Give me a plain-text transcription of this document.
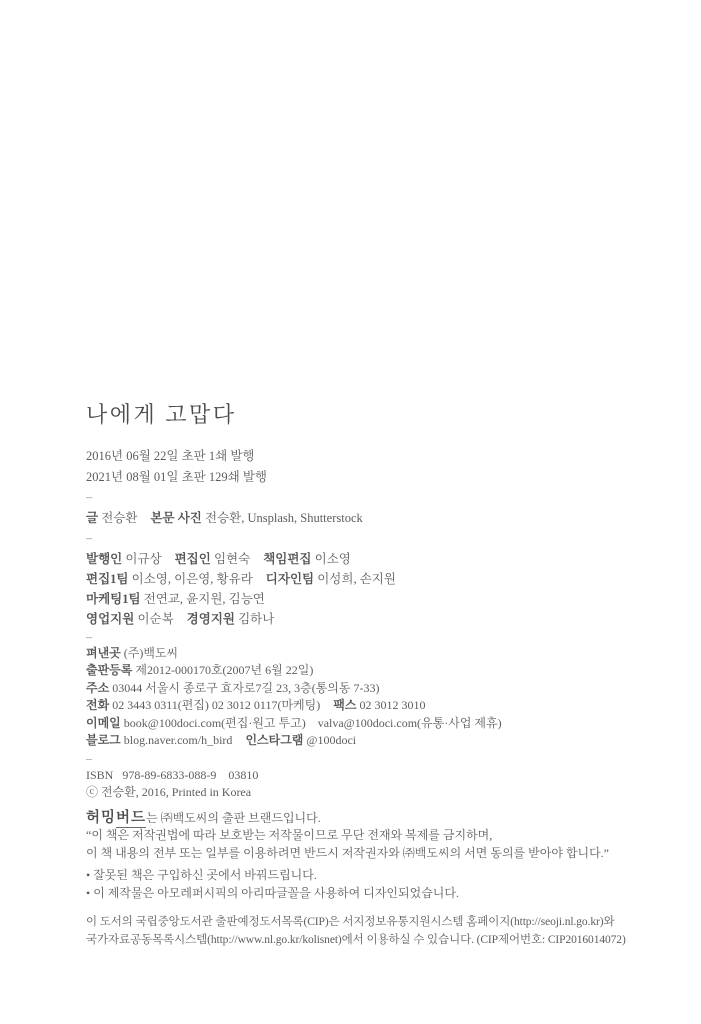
나에게 고맙다

2016년 06월 22일 초판 1쇄 발행

2021년 08월 01일 초판 129쇄 발행

–

글 전승환 본문 사진 전승환, Unsplash, Shutterstock

–

발행인 이규상 편집인 임현숙 책임편집 이소영

편집1팀 이소영, 이은영, 황유라 디자인팀 이성희, 손지원

마케팅1팀 전연교, 윤지원, 김능연

영업지원 이순복 경영지원 김하나

–

펴낸곳 (주)백도씨

출판등록 제2012-000170호(2007년 6월 22일)

주소 03044 서울시 종로구 효자로7길 23, 3층(통의동 7-33)

전화 02 3443 0311(편집) 02 3012 0117(마케팅) 팩스 02 3012 3010

이메일 book@100doci.com(편집·원고 투고)    valva@100doci.com(유통·사업 제휴)

블로그 blog.naver.com/h_bird 인스타그램 @100doci

–

ISBN   978-89-6833-088-9    03810

ⓒ 전승환, 2016, Printed in Korea

허밍버드는 ㈜백도씨의 출판 브랜드입니다.

“이 책은 저작권법에 따라 보호받는 저작물이므로 무단 전재와 복제를 금지하며,

이 책 내용의 전부 또는 일부를 이용하려면 반드시 저작권자와 ㈜백도씨의 서면 동의를 받아야 합니다.”

• 잘못된 책은 구입하신 곳에서 바꿔드립니다.

• 이 제작물은 아모레퍼시픽의 아리따글꼴을 사용하여 디자인되었습니다.

이 도서의 국립중앙도서관 출판예정도서목록(CIP)은 서지정보유통지원시스템 홈페이지(http://seoji.nl.go.kr)와

국가자료공동목록시스템(http://www.nl.go.kr/kolisnet)에서 이용하실 수 있습니다. (CIP제어번호: CIP2016014072)
